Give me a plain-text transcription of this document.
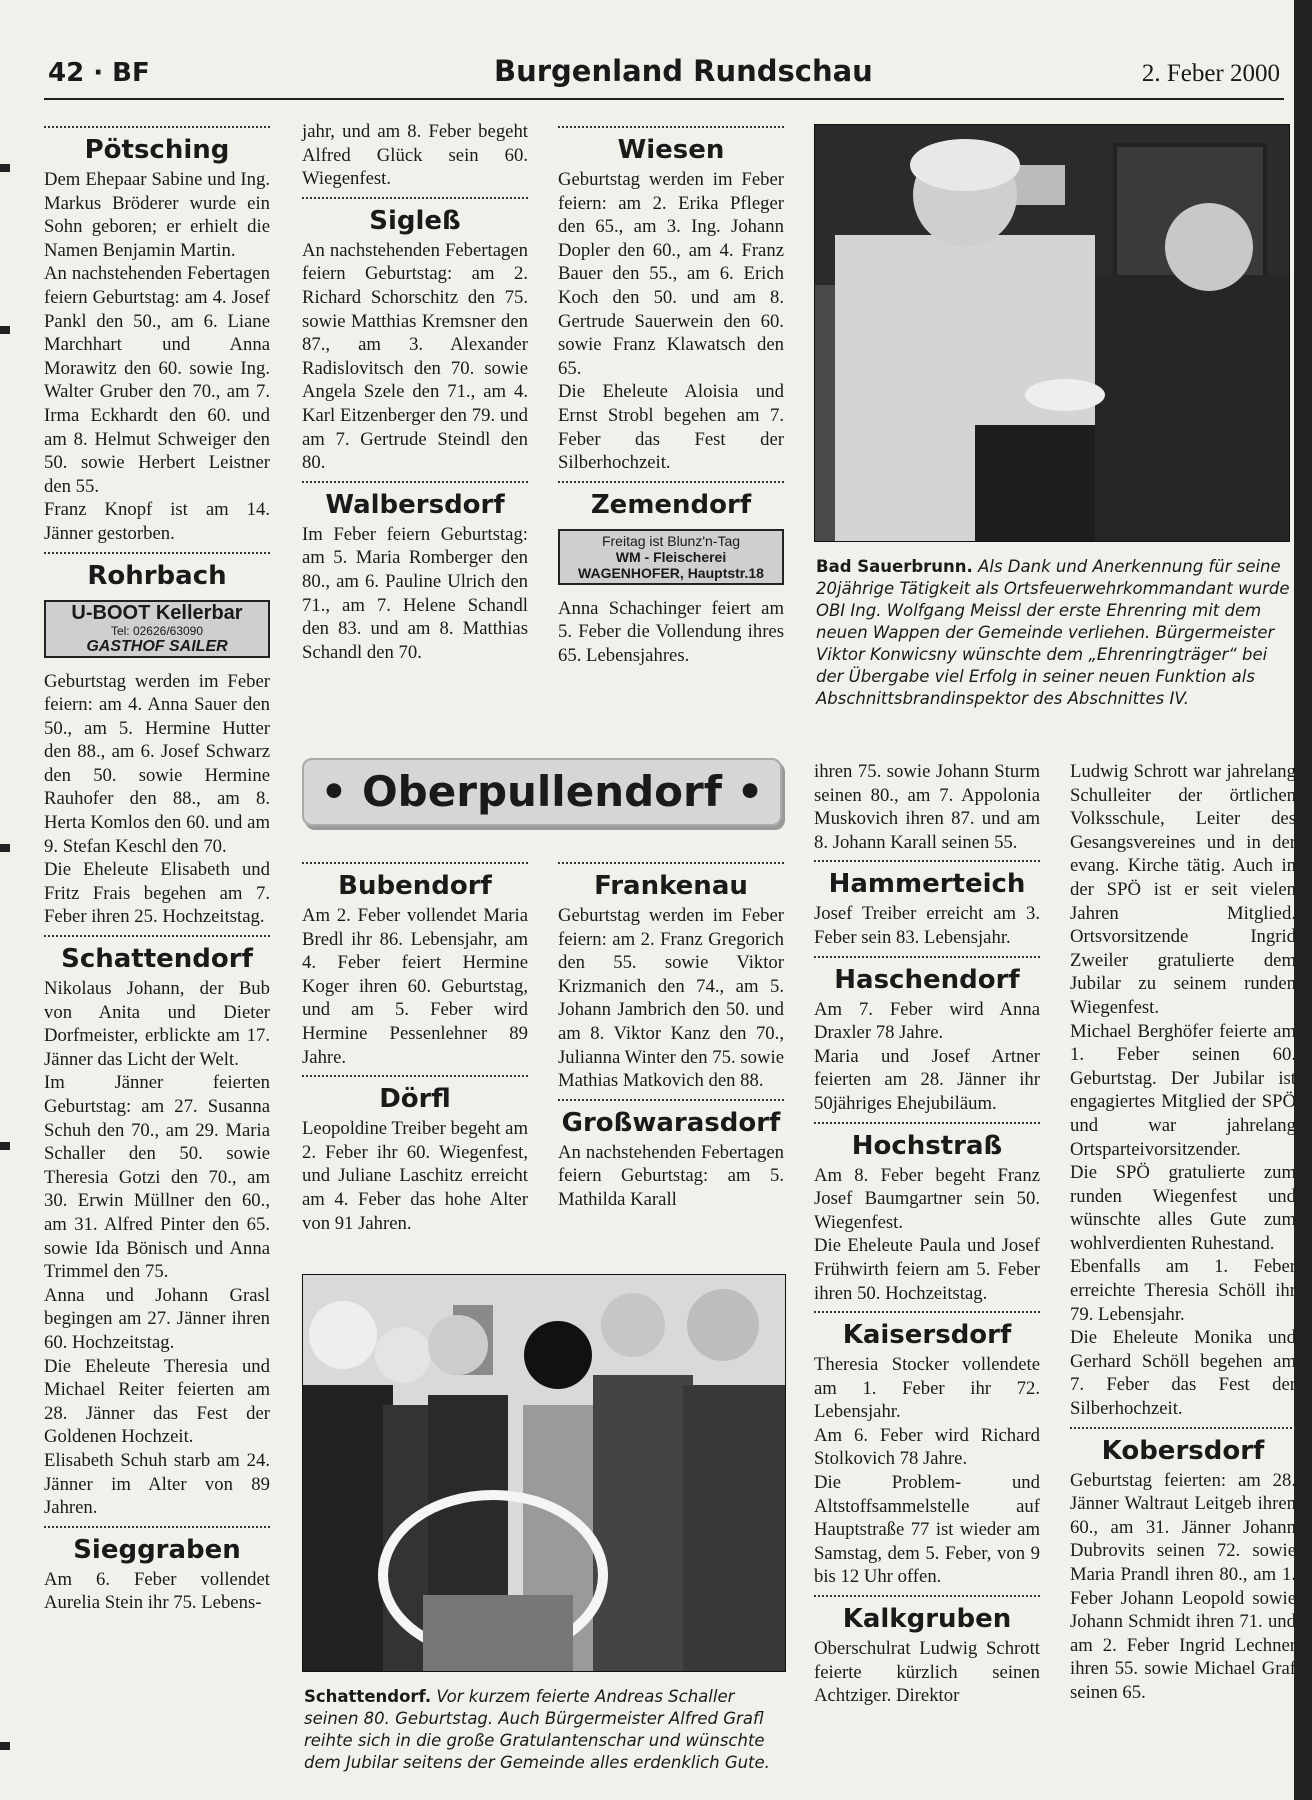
42 · BF	Burgenland Rundschau	2. Feber 2000
Pötsching

Dem Ehepaar Sabine und Ing. Markus Bröderer wurde ein Sohn geboren; er erhielt die Namen Benjamin Martin.

An nachstehenden Febertagen feiern Geburtstag: am 4. Josef Pankl den 50., am 6. Liane Marchhart und Anna Morawitz den 60. sowie Ing. Walter Gruber den 70., am 7. Irma Eckhardt den 60. und am 8. Helmut Schweiger den 50. sowie Herbert Leistner den 55.

Franz Knopf ist am 14. Jänner gestorben.

Rohrbach
U-BOOT Kellerbar
Tel: 02626/63090
GASTHOF SAILER

Geburtstag werden im Feber feiern: am 4. Anna Sauer den 50., am 5. Hermine Hutter den 88., am 6. Josef Schwarz den 50. sowie Hermine Rauhofer den 88., am 8. Herta Komlos den 60. und am 9. Stefan Keschl den 70.

Die Eheleute Elisabeth und Fritz Frais begehen am 7. Feber ihren 25. Hochzeitstag.

Schattendorf

Nikolaus Johann, der Bub von Anita und Dieter Dorfmeister, erblickte am 17. Jänner das Licht der Welt.

Im Jänner feierten Geburtstag: am 27. Susanna Schuh den 70., am 29. Maria Schaller den 50. sowie Theresia Gotzi den 70., am 30. Erwin Müllner den 60., am 31. Alfred Pinter den 65. sowie Ida Bönisch und Anna Trimmel den 75.

Anna und Johann Grasl begingen am 27. Jänner ihren 60. Hochzeitstag.

Die Eheleute Theresia und Michael Reiter feierten am 28. Jänner das Fest der Goldenen Hochzeit.

Elisabeth Schuh starb am 24. Jänner im Alter von 89 Jahren.

Sieggraben

Am 6. Feber vollendet Aurelia Stein ihr 75. Lebens-

jahr, und am 8. Feber begeht Alfred Glück sein 60. Wiegenfest.

Sigleß

An nachstehenden Febertagen feiern Geburtstag: am 2. Richard Schorschitz den 75. sowie Matthias Kremsner den 87., am 3. Alexander Radislovitsch den 70. sowie Angela Szele den 71., am 4. Karl Eitzenberger den 79. und am 7. Gertrude Steindl den 80.

Walbersdorf

Im Feber feiern Geburtstag: am 5. Maria Romberger den 80., am 6. Pauline Ulrich den 71., am 7. Helene Schandl den 83. und am 8. Matthias Schandl den 70.

Wiesen

Geburtstag werden im Feber feiern: am 2. Erika Pfleger den 65., am 3. Ing. Johann Dopler den 60., am 4. Franz Bauer den 55., am 6. Erich Koch den 50. und am 8. Gertrude Sauerwein den 60. sowie Franz Klawatsch den 65.

Die Eheleute Aloisia und Ernst Strobl begehen am 7. Feber das Fest der Silberhochzeit.

Zemendorf
Freitag ist Blunz'n-Tag
WM - Fleischerei
WAGENHOFER, Hauptstr.18

Anna Schachinger feiert am 5. Feber die Vollendung ihres 65. Lebensjahres.

Bad Sauerbrunn. Als Dank und Anerkennung für seine 20jährige Tätigkeit als Ortsfeuerwehrkommandant wurde OBI Ing. Wolfgang Meissl der erste Ehrenring mit dem neuen Wappen der Gemeinde verliehen. Bürgermeister Viktor Konwicsny wünschte dem „Ehrenringträger“ bei der Übergabe viel Erfolg in seiner neuen Funktion als Abschnittsbrandinspektor des Abschnittes IV.
• Oberpullendorf •
Bubendorf

Am 2. Feber vollendet Maria Bredl ihr 86. Lebensjahr, am 4. Feber feiert Hermine Koger ihren 60. Geburtstag, und am 5. Feber wird Hermine Pessenlehner 89 Jahre.

Dörfl

Leopoldine Treiber begeht am 2. Feber ihr 60. Wiegenfest, und Juliane Laschitz erreicht am 4. Feber das hohe Alter von 91 Jahren.

Frankenau

Geburtstag werden im Feber feiern: am 2. Franz Gregorich den 55. sowie Viktor Krizmanich den 74., am 5. Johann Jambrich den 50. und am 8. Viktor Kanz den 70., Julianna Winter den 75. sowie Mathias Matkovich den 88.

Großwarasdorf

An nachstehenden Febertagen feiern Geburtstag: am 5. Mathilda Karall

Schattendorf. Vor kurzem feierte Andreas Schaller seinen 80. Geburtstag. Auch Bürgermeister Alfred Grafl reihte sich in die große Gratulantenschar und wünschte dem Jubilar seitens der Gemeinde alles erdenklich Gute.

ihren 75. sowie Johann Sturm seinen 80., am 7. Appolonia Muskovich ihren 87. und am 8. Johann Karall seinen 55.

Hammerteich

Josef Treiber erreicht am 3. Feber sein 83. Lebensjahr.

Haschendorf

Am 7. Feber wird Anna Draxler 78 Jahre.

Maria und Josef Artner feierten am 28. Jänner ihr 50jähriges Ehejubiläum.

Hochstraß

Am 8. Feber begeht Franz Josef Baumgartner sein 50. Wiegenfest.

Die Eheleute Paula und Josef Frühwirth feiern am 5. Feber ihren 50. Hochzeitstag.

Kaisersdorf

Theresia Stocker vollendete am 1. Feber ihr 72. Lebensjahr.

Am 6. Feber wird Richard Stolkovich 78 Jahre.

Die Problem- und Altstoffsammelstelle auf Hauptstraße 77 ist wieder am Samstag, dem 5. Feber, von 9 bis 12 Uhr offen.

Kalkgruben

Oberschulrat Ludwig Schrott feierte kürzlich seinen Achtziger. Direktor

Ludwig Schrott war jahrelang Schulleiter der örtlichen Volksschule, Leiter des Gesangsvereines und in der evang. Kirche tätig. Auch in der SPÖ ist er seit vielen Jahren Mitglied. Ortsvorsitzende Ingrid Zweiler gratulierte dem Jubilar zu seinem runden Wiegenfest.

Michael Berghöfer feierte am 1. Feber seinen 60. Geburtstag. Der Jubilar ist engagiertes Mitglied der SPÖ und war jahrelang Ortsparteivorsitzender.

Die SPÖ gratulierte zum runden Wiegenfest und wünschte alles Gute zum wohlverdienten Ruhestand.

Ebenfalls am 1. Feber erreichte Theresia Schöll ihr 79. Lebensjahr.

Die Eheleute Monika und Gerhard Schöll begehen am 7. Feber das Fest der Silberhochzeit.

Kobersdorf

Geburtstag feierten: am 28. Jänner Waltraut Leitgeb ihren 60., am 31. Jänner Johann Dubrovits seinen 72. sowie Maria Prandl ihren 80., am 1. Feber Johann Leopold sowie Johann Schmidt ihren 71. und am 2. Feber Ingrid Lechner ihren 55. sowie Michael Graf seinen 65.
